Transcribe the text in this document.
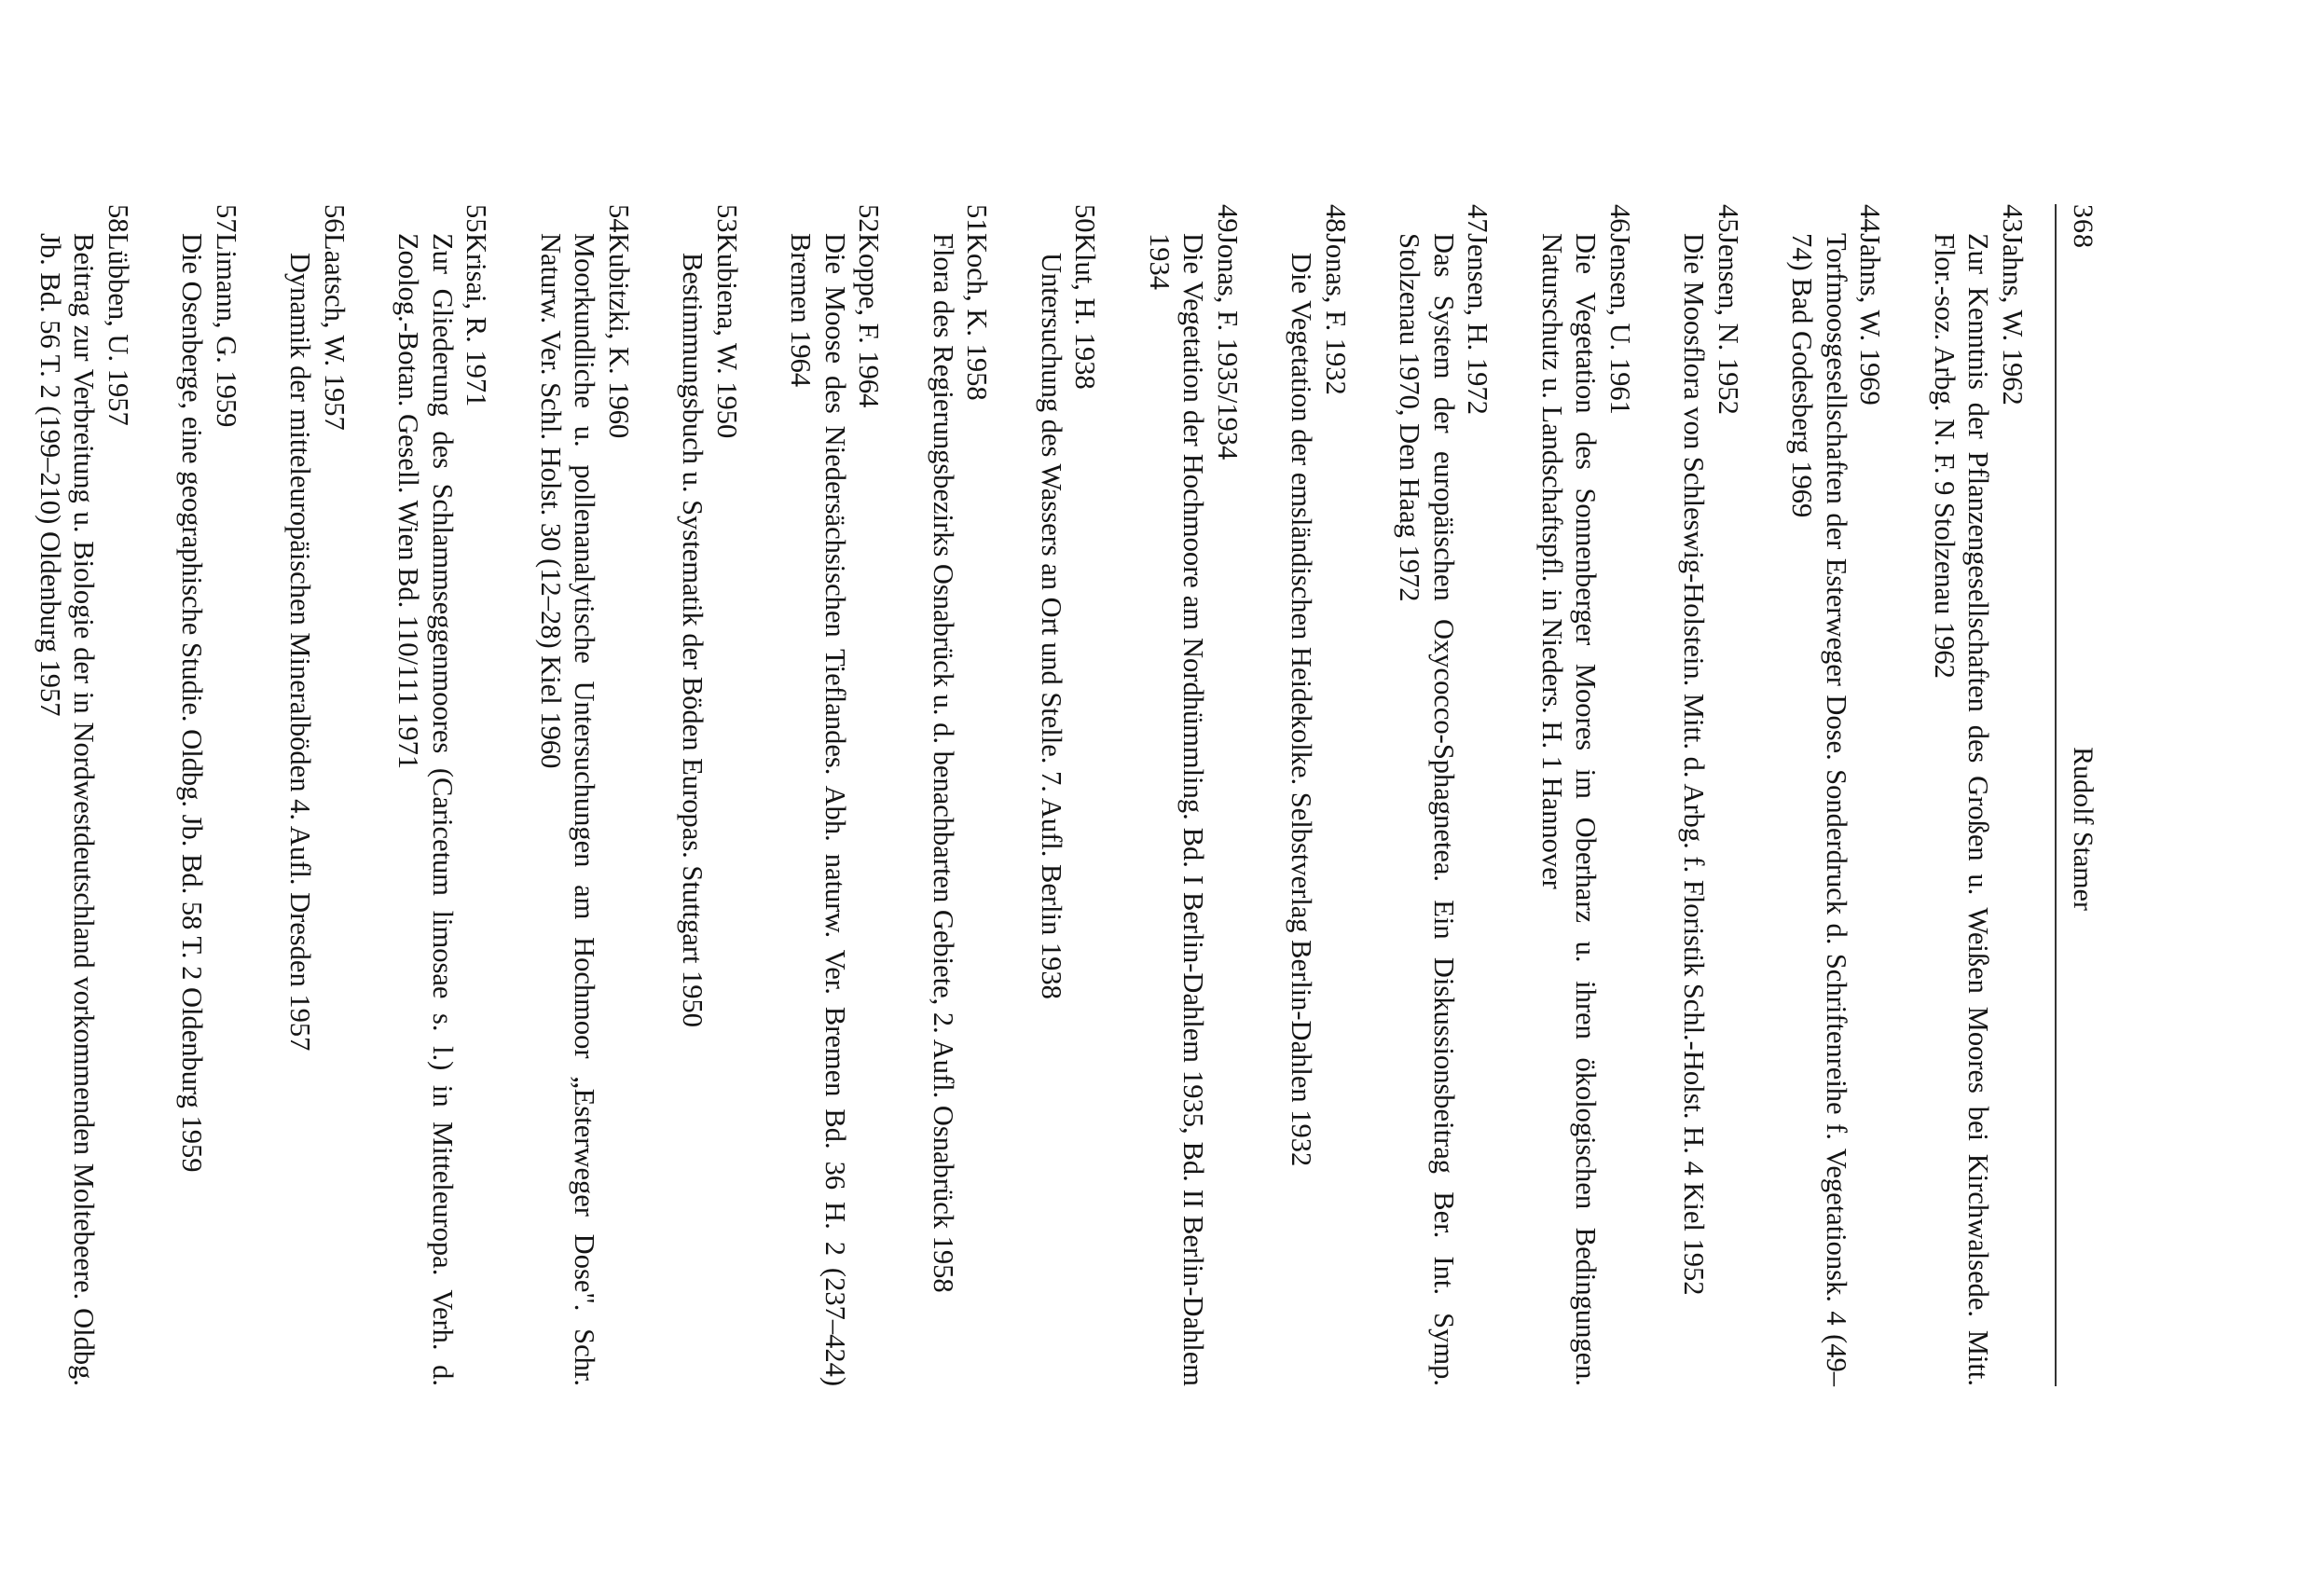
368
Rudolf Stamer
43
Jahns, W. 1962
Zur Kenntnis der Pflanzengesellschaften des Großen u. Weißen Moores bei Kirchwalsede. Mitt. Flor.-soz. Arbg. N. F. 9 Stolzenau 1962
44
Jahns, W. 1969
Torfmoosgesellschaften der Esterweger Dose. Sonderdruck d. Schriftenreihe f. Vegetationsk. 4 (49–74) Bad Godesberg 1969
45
Jensen, N. 1952
Die Moosflora von Schleswig-Holstein. Mitt. d. Arbg. f. Floristik Schl.-Holst. H. 4 Kiel 1952
46
Jensen, U. 1961
Die Vegetation des Sonnenberger Moores im Oberharz u. ihren ökologischen Bedingungen. Naturschutz u. Landschaftspfl. in Nieders. H. 1 Hannover
47
Jensen, H. 1972
Das System der europäischen Oxycocco-Sphagnetea. Ein Diskussionsbeitrag Ber. Int. Symp. Stolzenau 1970, Den Haag 1972
48
Jonas, F. 1932
Die Vegetation der emsländischen Heidekolke. Selbstverlag Berlin-Dahlen 1932
49
Jonas, F. 1935/1934
Die Vegetation der Hochmoore am Nordhümmling. Bd. I Berlin-Dahlem 1935, Bd. II Berlin-Dahlem 1934
50
Klut, H. 1938
Untersuchung des Wassers an Ort und Stelle. 7. Aufl. Berlin 1938
51
Koch, K. 1958
Flora des Regierungsbezirks Osnabrück u. d. benachbarten Gebiete, 2. Aufl. Osnabrück 1958
52
Koppe, F. 1964
Die Moose des Niedersächsischen Tieflandes. Abh. naturw. Ver. Bremen Bd. 36 H. 2 (237–424) Bremen 1964
53
Kubiena, W. 1950
Bestimmungsbuch u. Systematik der Böden Europas. Stuttgart 1950
54
Kubitzki, K. 1960
Moorkundliche u. pollenanalytische Untersuchungen am Hochmoor „Esterweger Dose". Schr. Naturw. Ver. Schl. Holst. 30 (12–28) Kiel 1960
55
Krisai, R. 1971
Zur Gliederung des Schlammseggenmoores (Caricetum limosae s. l.) in Mitteleuropa. Verh. d. Zoolog.-Botan. Gesell. Wien Bd. 110/111 1971
56
Laatsch, W. 1957
Dynamik der mitteleuropäischen Mineralböden 4. Aufl. Dresden 1957
57
Limann, G. 1959
Die Osenberge, eine geographische Studie. Oldbg. Jb. Bd. 58 T. 2 Oldenburg 1959
58
Lübben, U. 1957
Beitrag zur Verbreitung u. Biologie der in Nordwestdeutschland vorkommenden Moltebeere. Oldbg. Jb. Bd. 56 T. 2 (199–210) Oldenburg 1957
